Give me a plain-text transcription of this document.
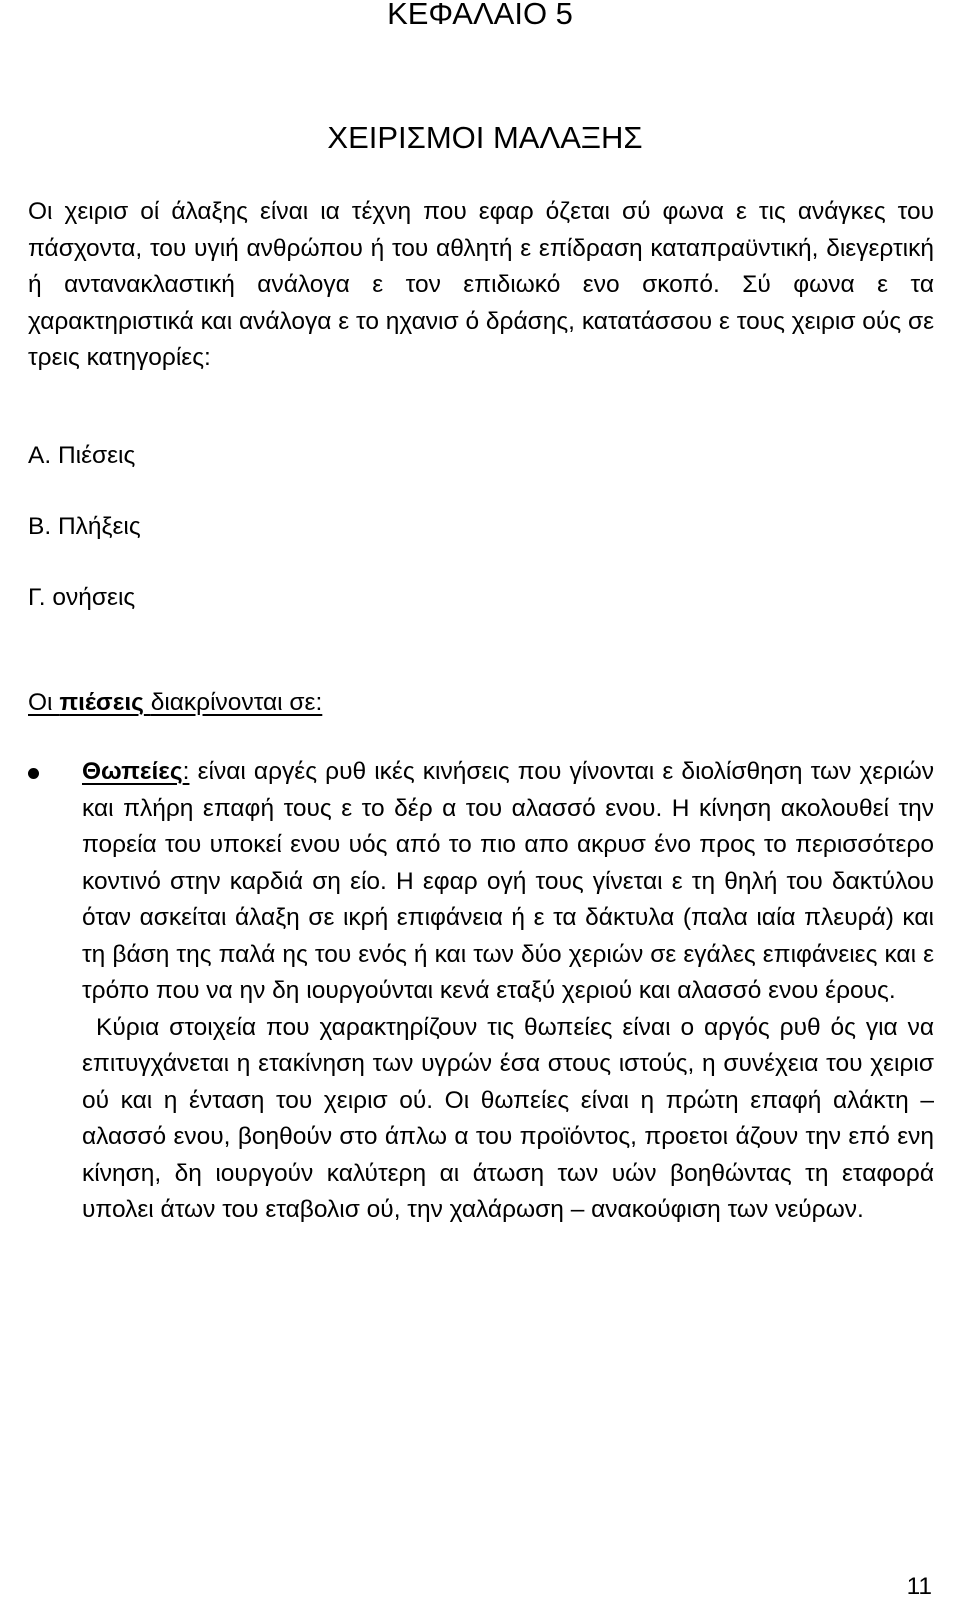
ΚΕΦΑΛΑΙΟ 5
ΧΕΙΡΙΣΜΟΙ ΜΑΛΑΞΗΣ

Οι χειρισ οί άλαξης είναι ια τέχνη που εφαρ όζεται σύ φωνα ε τις ανάγκες του πάσχοντα, του υγιή ανθρώπου ή του αθλητή ε επίδραση καταπραϋντική, διεγερτική ή αντανακλαστική ανάλογα ε τον επιδιωκό ενο σκοπό. Σύ φωνα ε τα χαρακτηριστικά και ανάλογα ε το ηχανισ ό δράσης, κατατάσσου ε τους χειρισ ούς σε τρεις κατηγορίες:

Α. Πιέσεις

Β. Πλήξεις

Γ. ονήσεις

Οι πιέσεις διακρίνονται σε:

Θωπείες: είναι αργές ρυθ ικές κινήσεις που γίνονται ε διολίσθηση των χεριών και πλήρη επαφή τους ε το δέρ α του αλασσό ενου. Η κίνηση ακολουθεί την πορεία του υποκεί ενου υός από το πιο απο ακρυσ ένο προς το περισσότερο κοντινό στην καρδιά ση είο. Η εφαρ ογή τους γίνεται ε τη θηλή του δακτύλου όταν ασκείται άλαξη σε ικρή επιφάνεια ή ε τα δάκτυλα (παλα ιαία πλευρά) και τη βάση της παλά ης του ενός ή και των δύο χεριών σε εγάλες επιφάνειες και ε τρόπο που να ην δη ιουργούνται κενά εταξύ χεριού και αλασσό ενου έρους.
Κύρια στοιχεία που χαρακτηρίζουν τις θωπείες είναι ο αργός ρυθ ός για να επιτυγχάνεται η ετακίνηση των υγρών έσα στους ιστούς, η συνέχεια του χειρισ ού και η ένταση του χειρισ ού. Οι θωπείες είναι η πρώτη επαφή αλάκτη – αλασσό ενου, βοηθούν στο άπλω α του προϊόντος, προετοι άζουν την επό ενη κίνηση, δη ιουργούν καλύτερη αι άτωση των υών βοηθώντας τη εταφορά υπολει άτων του εταβολισ ού, την χαλάρωση – ανακούφιση των νεύρων.

11
